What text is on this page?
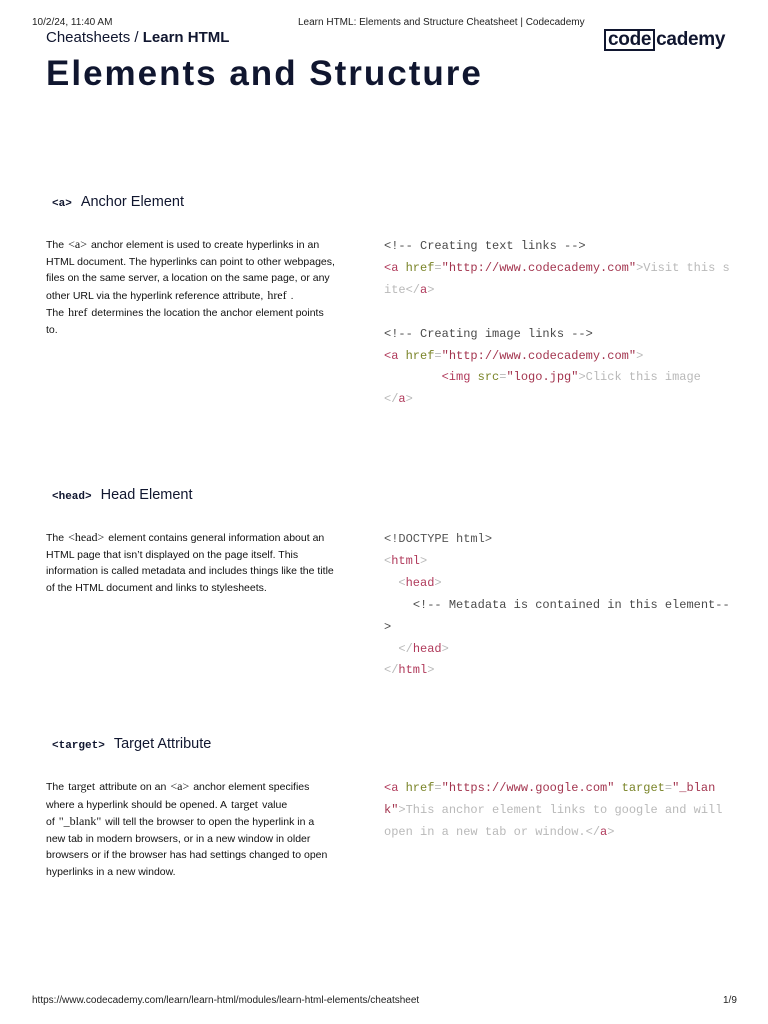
10/2/24, 11:40 AM	Learn HTML: Elements and Structure Cheatsheet | Codecademy
Cheatsheets / Learn HTML	code cademy
Elements and Structure
<a> Anchor Element
The <a> anchor element is used to create hyperlinks in an HTML document. The hyperlinks can point to other webpages, files on the same server, a location on the same page, or any other URL via the hyperlink reference attribute, href . The href determines the location the anchor element points to.
<!-- Creating text links -->
<a href="http://www.codecademy.com">Visit this site</a>

<!-- Creating image links -->
<a href="http://www.codecademy.com">
<img src="logo.jpg">Click this image
</a>
<head> Head Element
The <head> element contains general information about an HTML page that isn’t displayed on the page itself. This information is called metadata and includes things like the title of the HTML document and links to stylesheets.
<!DOCTYPE html>
<html>
<head>
<!-- Metadata is contained in this element-->
</head>
</html>
<target> Target Attribute
The target attribute on an <a> anchor element specifies where a hyperlink should be opened. A target value of "_blank" will tell the browser to open the hyperlink in a new tab in modern browsers, or in a new window in older browsers or if the browser has had settings changed to open hyperlinks in a new window.
<a href="https://www.google.com" target="_blank">This anchor element links to google and will open in a new tab or window.</a>
https://www.codecademy.com/learn/learn-html/modules/learn-html-elements/cheatsheet	1/9
